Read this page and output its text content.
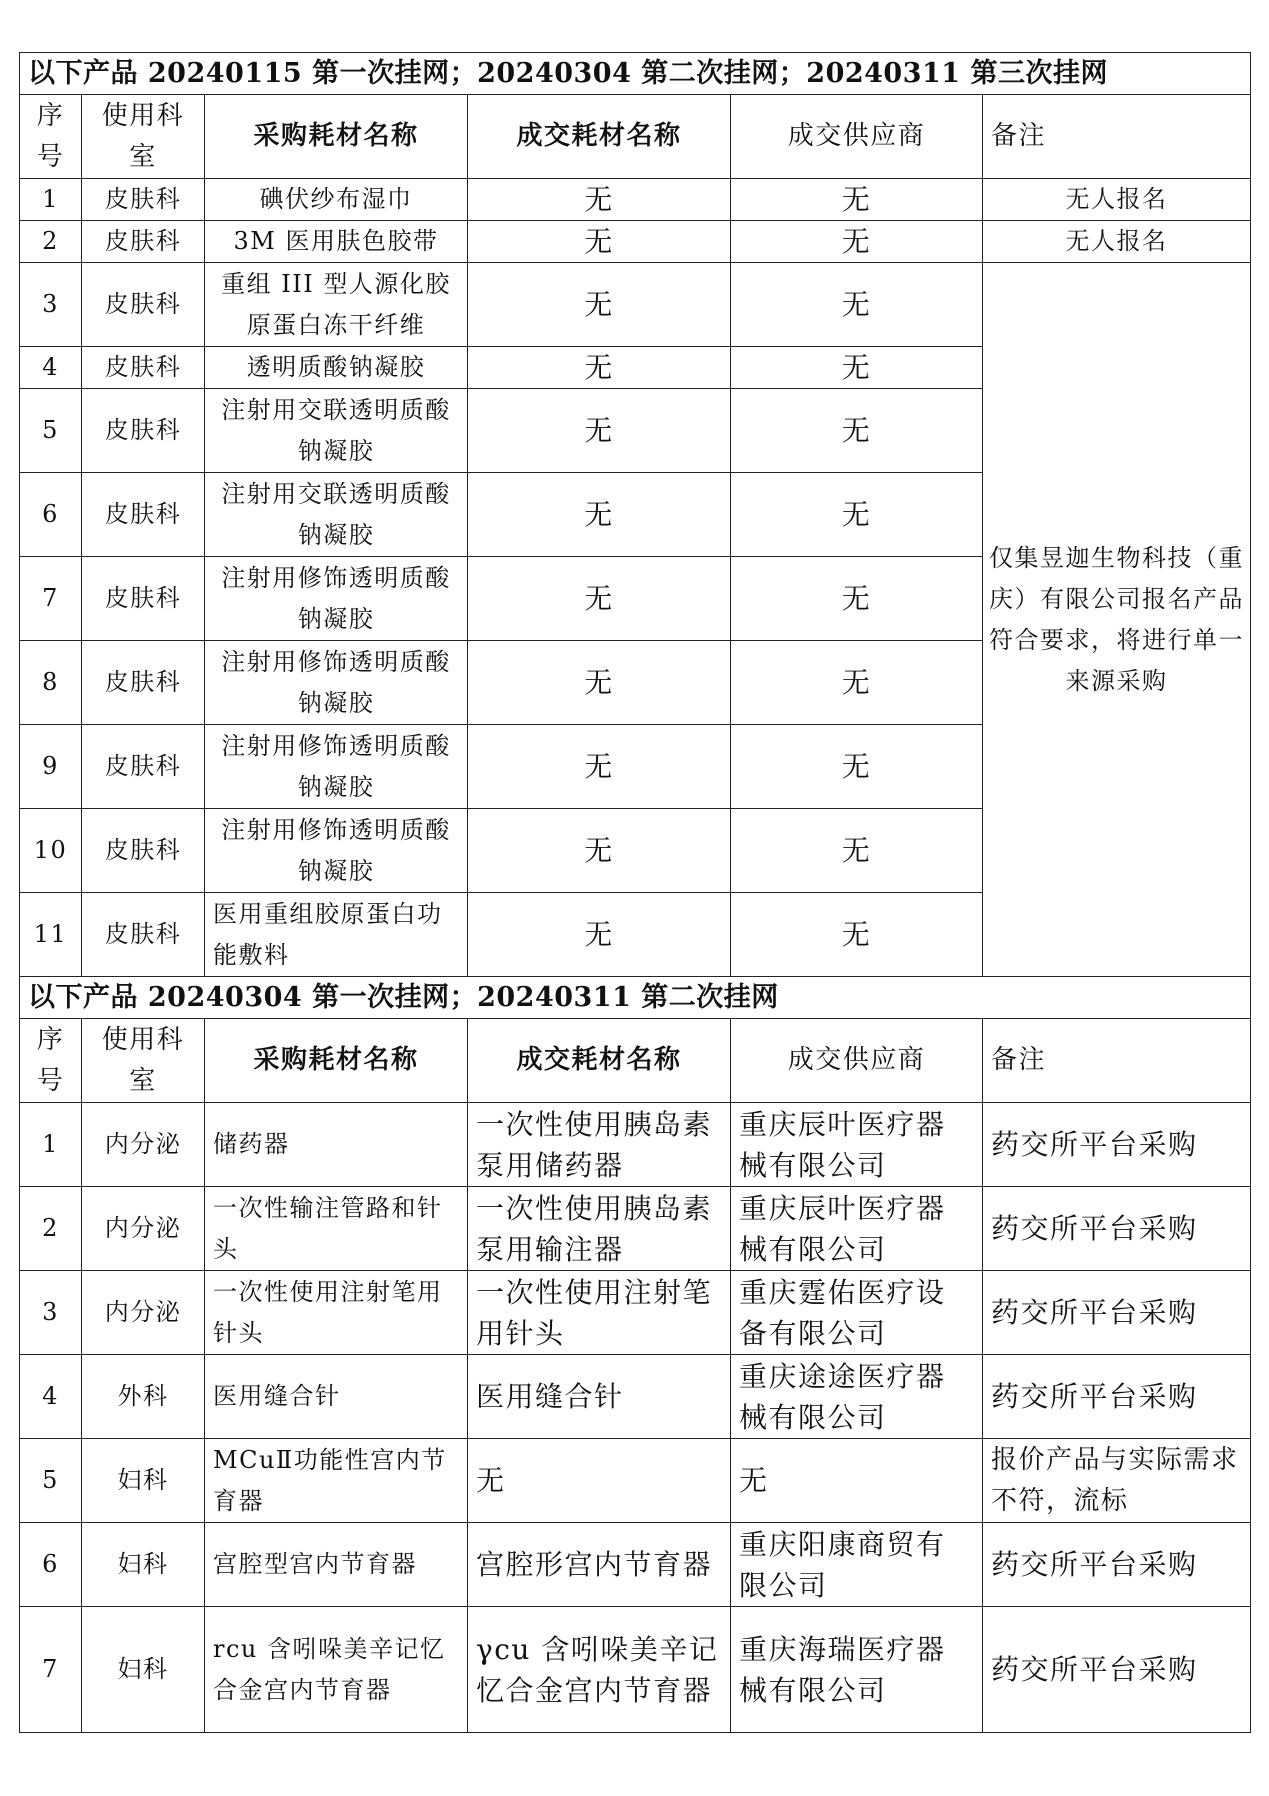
以下产品 20240115 第一次挂网；20240304 第二次挂网；20240311 第三次挂网					
序号	使用科室	采购耗材名称	成交耗材名称	成交供应商	备注
1	皮肤科	碘伏纱布湿巾	无	无	无人报名
2	皮肤科	3M 医用肤色胶带	无	无	无人报名
3	皮肤科	重组 III 型人源化胶原蛋白冻干纤维	无	无	仅集昱迦生物科技（重庆）有限公司报名产品符合要求，将进行单一来源采购
4	皮肤科	透明质酸钠凝胶	无	无	
5	皮肤科	注射用交联透明质酸钠凝胶	无	无	
6	皮肤科	注射用交联透明质酸钠凝胶	无	无	
7	皮肤科	注射用修饰透明质酸钠凝胶	无	无	
8	皮肤科	注射用修饰透明质酸钠凝胶	无	无	
9	皮肤科	注射用修饰透明质酸钠凝胶	无	无	
10	皮肤科	注射用修饰透明质酸钠凝胶	无	无	
11	皮肤科	医用重组胶原蛋白功能敷料	无	无	
以下产品 20240304 第一次挂网；20240311 第二次挂网					
序号	使用科室	采购耗材名称	成交耗材名称	成交供应商	备注
1	内分泌	储药器	一次性使用胰岛素泵用储药器	重庆辰叶医疗器械有限公司	药交所平台采购
2	内分泌	一次性输注管路和针头	一次性使用胰岛素泵用输注器	重庆辰叶医疗器械有限公司	药交所平台采购
3	内分泌	一次性使用注射笔用针头	一次性使用注射笔用针头	重庆霆佑医疗设备有限公司	药交所平台采购
4	外科	医用缝合针	医用缝合针	重庆途途医疗器械有限公司	药交所平台采购
5	妇科	MCuⅡ功能性宫内节育器	无	无	报价产品与实际需求不符，流标
6	妇科	宫腔型宫内节育器	宫腔形宫内节育器	重庆阳康商贸有限公司	药交所平台采购
7	妇科	rcu 含吲哚美辛记忆合金宫内节育器	γcu 含吲哚美辛记忆合金宫内节育器	重庆海瑞医疗器械有限公司	药交所平台采购
